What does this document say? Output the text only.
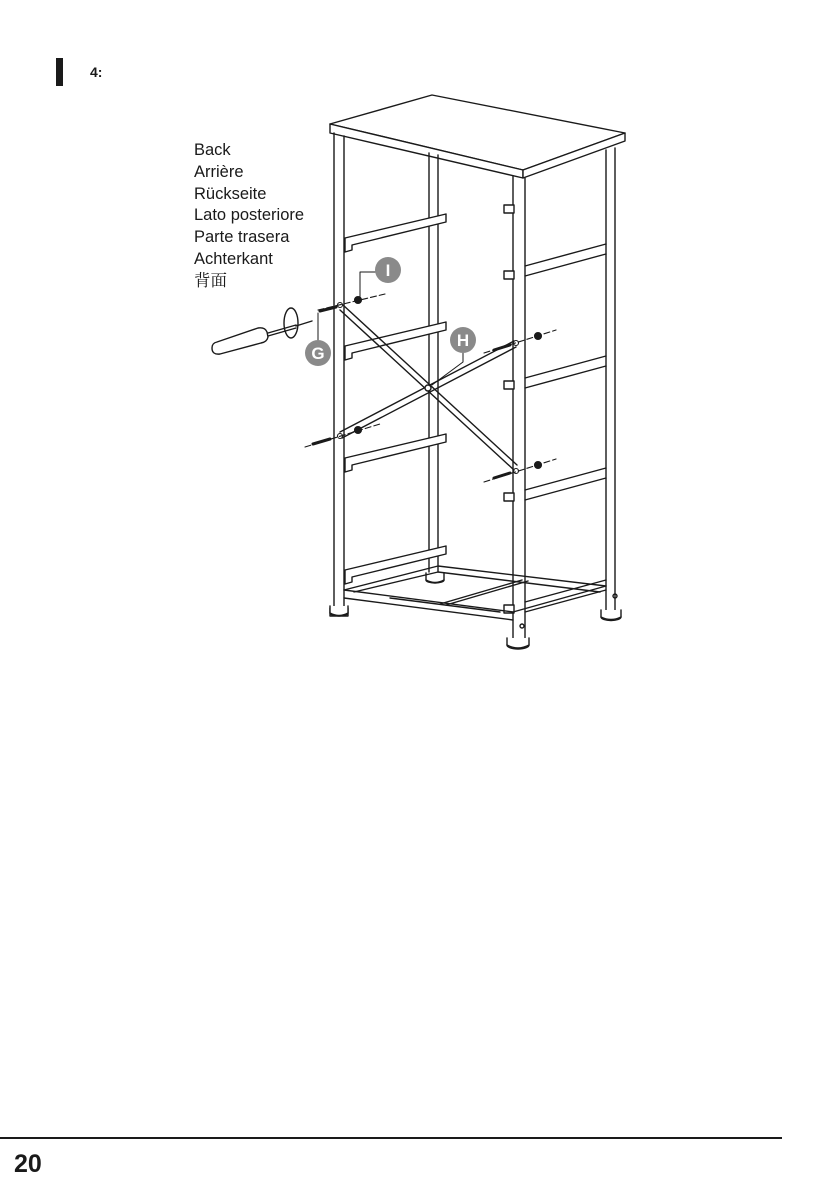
4:
Back
Arrière
Rückseite
Lato posteriore
Parte trasera
Achterkant
背面
I
G
H
20
